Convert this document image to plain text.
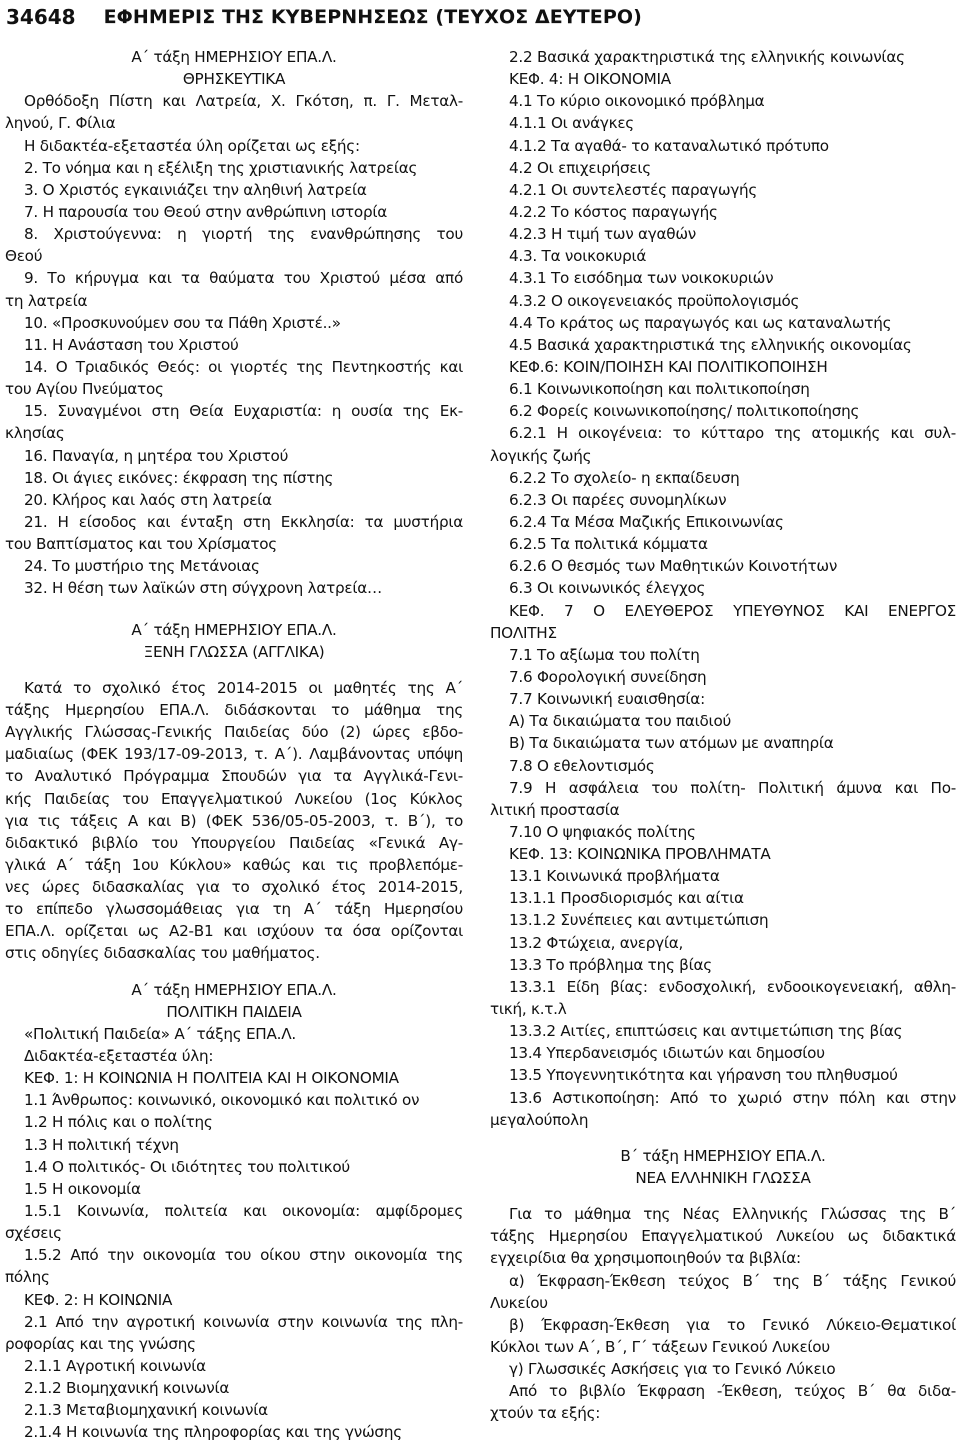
34648 ΕΦΗΜΕΡΙΣ ΤΗΣ ΚΥΒΕΡΝΗΣΕΩΣ (ΤΕΥΧΟΣ ΔΕΥΤΕΡΟ)
Α΄ τάξη ΗΜΕΡΗΣΙΟΥ ΕΠΑ.Λ.
ΘΡΗΣΚΕΥΤΙΚΑ
Ορθόδοξη Πίστη και Λατρεία, Χ. Γκότση, π. Γ. Μεταλ-
ληνού, Γ. Φίλια
Η διδακτέα-εξεταστέα ύλη ορίζεται ως εξής:
2. Το νόημα και η εξέλιξη της χριστιανικής λατρείας
3. Ο Χριστός εγκαινιάζει την αληθινή λατρεία
7. Η παρουσία του Θεού στην ανθρώπινη ιστορία
8. Χριστούγεννα: η γιορτή της ενανθρώπησης του
Θεού
9. Το κήρυγμα και τα θαύματα του Χριστού μέσα από
τη λατρεία
10. «Προσκυνούμεν σου τα Πάθη Χριστέ..»
11. Η Ανάσταση του Χριστού
14. Ο Τριαδικός Θεός: οι γιορτές της Πεντηκοστής και
του Αγίου Πνεύματος
15. Συναγμένοι στη Θεία Ευχαριστία: η ουσία της Εκ-
κλησίας
16. Παναγία, η μητέρα του Χριστού
18. Οι άγιες εικόνες: έκφραση της πίστης
20. Κλήρος και λαός στη λατρεία
21. Η είσοδος και ένταξη στη Εκκλησία: τα μυστήρια
του Βαπτίσματος και του Χρίσματος
24. Το μυστήριο της Μετάνοιας
32. Η θέση των λαϊκών στη σύγχρονη λατρεία…
Α΄ τάξη ΗΜΕΡΗΣΙΟΥ ΕΠΑ.Λ.
ΞΕΝΗ ΓΛΩΣΣΑ (ΑΓΓΛΙΚΑ)
Κατά το σχολικό έτος 2014-2015 οι μαθητές της Α΄
τάξης Ημερησίου ΕΠΑ.Λ. διδάσκονται το μάθημα της
Αγγλικής Γλώσσας-Γενικής Παιδείας δύο (2) ώρες εβδο-
μαδιαίως (ΦΕΚ 193/17-09-2013, τ. Α΄). Λαμβάνοντας υπόψη
το Αναλυτικό Πρόγραμμα Σπουδών για τα Αγγλικά-Γενι-
κής Παιδείας του Επαγγελματικού Λυκείου (1ος Κύκλος
για τις τάξεις Α και Β) (ΦΕΚ 536/05-05-2003, τ. Β΄), το
διδακτικό βιβλίο του Υπουργείου Παιδείας «Γενικά Αγ-
γλικά Α΄ τάξη 1ου Κύκλου» καθώς και τις προβλεπόμε-
νες ώρες διδασκαλίας για το σχολικό έτος 2014-2015,
το επίπεδο γλωσσομάθειας για τη Α΄ τάξη Ημερησίου
ΕΠΑ.Λ. ορίζεται ως Α2-Β1 και ισχύουν τα όσα ορίζονται
στις οδηγίες διδασκαλίας του μαθήματος.
Α΄ τάξη ΗΜΕΡΗΣΙΟΥ ΕΠΑ.Λ.
ΠΟΛΙΤΙΚΗ ΠΑΙΔΕΙΑ
«Πολιτική Παιδεία» Α΄ τάξης ΕΠΑ.Λ.
Διδακτέα-εξεταστέα ύλη:
ΚΕΦ. 1: Η ΚΟΙΝΩΝΙΑ Η ΠΟΛΙΤΕΙΑ ΚΑΙ Η ΟΙΚΟΝΟΜΙΑ
1.1 Άνθρωπος: κοινωνικό, οικονομικό και πολιτικό ον
1.2 Η πόλις και ο πολίτης
1.3 Η πολιτική τέχνη
1.4 Ο πολιτικός- Οι ιδιότητες του πολιτικού
1.5 Η οικονομία
1.5.1 Κοινωνία, πολιτεία και οικονομία: αμφίδρομες
σχέσεις
1.5.2 Από την οικονομία του οίκου στην οικονομία της
πόλης
ΚΕΦ. 2: Η ΚΟΙΝΩΝΙΑ
2.1 Από την αγροτική κοινωνία στην κοινωνία της πλη-
ροφορίας και της γνώσης
2.1.1 Αγροτική κοινωνία
2.1.2 Βιομηχανική κοινωνία
2.1.3 Μεταβιομηχανική κοινωνία
2.1.4 Η κοινωνία της πληροφορίας και της γνώσης
2.2 Βασικά χαρακτηριστικά της ελληνικής κοινωνίας
ΚΕΦ. 4: Η ΟΙΚΟΝΟΜΙΑ
4.1 Το κύριο οικονομικό πρόβλημα
4.1.1 Οι ανάγκες
4.1.2 Τα αγαθά- το καταναλωτικό πρότυπο
4.2 Οι επιχειρήσεις
4.2.1 Οι συντελεστές παραγωγής
4.2.2 Το κόστος παραγωγής
4.2.3 Η τιμή των αγαθών
4.3. Τα νοικοκυριά
4.3.1 Το εισόδημα των νοικοκυριών
4.3.2 Ο οικογενειακός προϋπολογισμός
4.4 Το κράτος ως παραγωγός και ως καταναλωτής
4.5 Βασικά χαρακτηριστικά της ελληνικής οικονομίας
ΚΕΦ.6: ΚΟΙΝ/ΠΟΙΗΣΗ ΚΑΙ ΠΟΛΙΤΙΚΟΠΟΙΗΣΗ
6.1 Κοινωνικοποίηση και πολιτικοποίηση
6.2 Φορείς κοινωνικοποίησης/ πολιτικοποίησης
6.2.1 Η οικογένεια: το κύτταρο της ατομικής και συλ-
λογικής ζωής
6.2.2 Το σχολείο- η εκπαίδευση
6.2.3 Οι παρέες συνομηλίκων
6.2.4 Τα Μέσα Μαζικής Επικοινωνίας
6.2.5 Τα πολιτικά κόμματα
6.2.6 Ο θεσμός των Μαθητικών Κοινοτήτων
6.3 Οι κοινωνικός έλεγχος
ΚΕΦ. 7 Ο ΕΛΕΥΘΕΡΟΣ ΥΠΕΥΘΥΝΟΣ ΚΑΙ ΕΝΕΡΓΟΣ
ΠΟΛΙΤΗΣ
7.1 Το αξίωμα του πολίτη
7.6 Φορολογική συνείδηση
7.7 Κοινωνική ευαισθησία:
Α) Τα δικαιώματα του παιδιού
Β) Τα δικαιώματα των ατόμων με αναπηρία
7.8 Ο εθελοντισμός
7.9 Η ασφάλεια του πολίτη- Πολιτική άμυνα και Πο-
λιτική προστασία
7.10 Ο ψηφιακός πολίτης
ΚΕΦ. 13: ΚΟΙΝΩΝΙΚΑ ΠΡΟΒΛΗΜΑΤΑ
13.1 Κοινωνικά προβλήματα
13.1.1 Προσδιορισμός και αίτια
13.1.2 Συνέπειες και αντιμετώπιση
13.2 Φτώχεια, ανεργία,
13.3 Το πρόβλημα της βίας
13.3.1 Είδη βίας: ενδοσχολική, ενδοοικογενειακή, αθλη-
τική, κ.τ.λ
13.3.2 Αιτίες, επιπτώσεις και αντιμετώπιση της βίας
13.4 Υπερδανεισμός ιδιωτών και δημοσίου
13.5 Υπογεννητικότητα και γήρανση του πληθυσμού
13.6 Αστικοποίηση: Από το χωριό στην πόλη και στην
μεγαλούπολη
Β΄ τάξη ΗΜΕΡΗΣΙΟΥ ΕΠΑ.Λ.
ΝΕΑ ΕΛΛΗΝΙΚΗ ΓΛΩΣΣΑ
Για το μάθημα της Νέας Ελληνικής Γλώσσας της Β΄
τάξης Ημερησίου Επαγγελματικού Λυκείου ως διδακτικά
εγχειρίδια θα χρησιμοποιηθούν τα βιβλία:
α) Έκφραση-Έκθεση τεύχος Β΄ της Β΄ τάξης Γενικού
Λυκείου
β) Έκφραση-Έκθεση για το Γενικό Λύκειο-Θεματικοί
Κύκλοι των Α΄, Β΄, Γ΄ τάξεων Γενικού Λυκείου
γ) Γλωσσικές Ασκήσεις για το Γενικό Λύκειο
Από το βιβλίο Έκφραση -Έκθεση, τεύχος Β΄ θα διδα-
χτούν τα εξής:
